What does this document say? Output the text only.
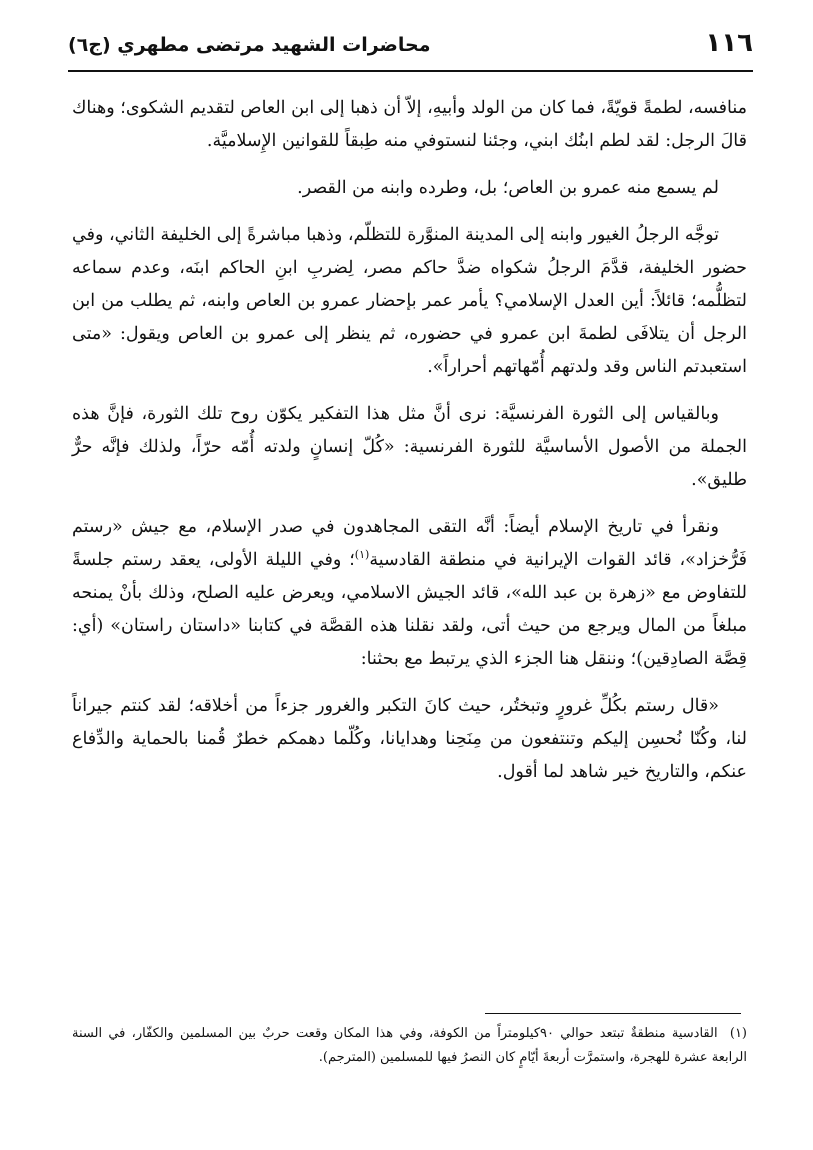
١١٦
محاضرات الشهيد مرتضى مطهري (ج٦)

منافسه، لطمةً قويّةً، فما كان من الولد وأبيهِ، إلاّ أن ذهبا إلى ابن العاص لتقديم الشكوى؛ وهناك قالَ الرجل: لقد لطم ابنُك ابني، وجئنا لنستوفي منه طِبقاً للقوانين الإِسلاميَّة.

لم يسمع منه عمرو بن العاص؛ بل، وطرده وابنه من القصر.

توجَّه الرجلُ الغيور وابنه إلى المدينة المنوَّرة للتظلّم، وذهبا مباشرةً إلى الخليفة الثاني، وفي حضور الخليفة، قدَّمَ الرجلُ شكواه ضدَّ حاكم مصر، لِضربِ ابنِ الحاكم ابنَه، وعدم سماعه لتظلُّمه؛ قائلاً: أين العدل الإسلامي؟ يأمر عمر بإحضار عمرو بن العاص وابنه، ثم يطلب من ابن الرجل أن يتلافَى لطمةَ ابن عمرو في حضوره، ثم ينظر إلى عمرو بن العاص ويقول: «متى استعبدتم الناس وقد ولدتهم أُمّهاتهم أحراراً».

وبالقياس إلى الثورة الفرنسيَّة: نرى أنَّ مثل هذا التفكير يكوّن روح تلك الثورة، فإنَّ هذه الجملة من الأصول الأساسيَّة للثورة الفرنسية: «كُلّ إنسانٍ ولدته أُمّه حرّاً، ولذلك فإنَّه حرٌّ طليق».

ونقرأ في تاريخ الإسلام أيضاً: أنَّه التقى المجاهدون في صدر الإسلام، مع جيش «رستم فَرُّخزاد»، قائد القوات الإيرانية في منطقة القادسية$^{(١)}$؛ وفي الليلة الأولى، يعقد رستم جلسةً للتفاوض مع «زهرة بن عبد الله»، قائد الجيش الاسلامي، ويعرض عليه الصلح، وذلك بأنْ يمنحه مبلغاً من المال ويرجع من حيث أتى، ولقد نقلنا هذه القصَّة في كتابنا «داستان راستان» (أي: قِصَّة الصادِقين)؛ وننقل هنا الجزء الذي يرتبط مع بحثنا:

«قال رستم بكُلِّ غرورٍ وتبختُر، حيث كانَ التكبر والغرور جزءاً من أخلاقه؛ لقد كنتم جيراناً لنا، وكُنّا نُحسِن إليكم وتنتفعون من مِنَحِنا وهدايانا، وكُلّما دهمكم خطرٌ قُمنا بالحماية والدِّفاع عنكم، والتاريخ خير شاهد لما أقول.

(١) القادسية منطقةٌ تبتعد حوالي ٩٠كيلومتراً من الكوفة، وفي هذا المكان وقعت حربٌ بين المسلمين والكفّار، في السنة الرابعة عشرة للهجرة، واستمرَّت أربعةَ أيّامٍ كان النصرُ فيها للمسلمين (المترجم).
